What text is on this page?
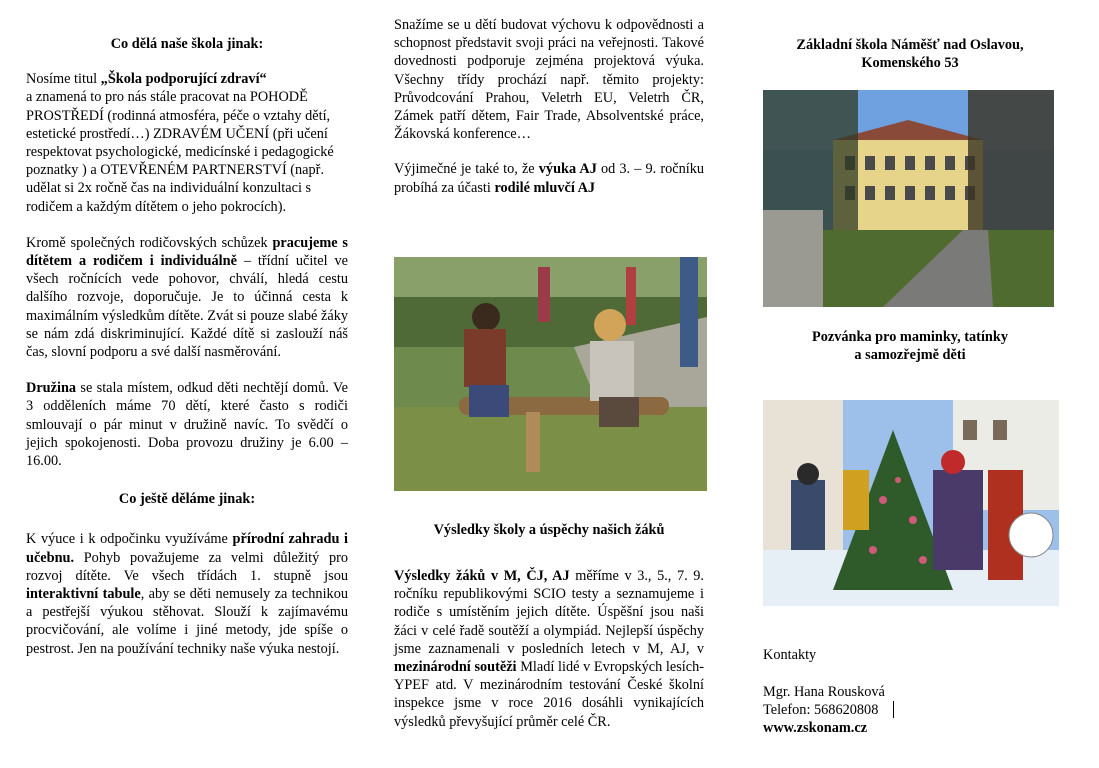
Co dělá naše škola jinak:

Nosíme titul „Škola podporující zdraví“
a znamená to pro nás stále pracovat na POHODĚ PROSTŘEDÍ (rodinná atmosféra, péče o vztahy dětí, estetické prostředí…) ZDRAVÉM UČENÍ (při učení respektovat psychologické, medicínské i pedagogické poznatky ) a OTEVŘENÉM PARTNERSTVÍ (např. udělat si 2x ročně čas na individuální konzultaci s rodičem a každým dítětem o jeho pokrocích).

Kromě společných rodičovských schůzek pracujeme s dítětem a rodičem i individuálně – třídní učitel ve všech ročnících vede pohovor, chválí, hledá cestu dalšího rozvoje, doporučuje. Je to účinná cesta k maximálním výsledkům dítěte. Zvát si pouze slabé žáky se nám zdá diskriminující. Každé dítě si zaslouží náš čas, slovní podporu a své další nasměrování.

Družina se stala místem, odkud děti nechtějí domů. Ve 3 odděleních máme 70 dětí, které často s rodiči smlouvají o pár minut v družině navíc. To svědčí o jejich spokojenosti. Doba provozu družiny je 6.00 – 16.00.

Co ještě děláme jinak:

K výuce i k odpočinku využíváme přírodní zahradu i učebnu. Pohyb považujeme za velmi důležitý pro rozvoj dítěte. Ve všech třídách 1. stupně jsou interaktivní tabule, aby se děti nemusely za technikou a pestřejší výukou stěhovat. Slouží k zajímavému procvičování, ale volíme i jiné metody, jde spíše o pestrost. Jen na používání techniky naše výuka nestojí.

Snažíme se u dětí budovat výchovu k odpovědnosti a schopnost představit svoji práci na veřejnosti. Takové dovednosti podporuje zejména projektová výuka. Všechny třídy prochází např. těmito projekty: Průvodcování Prahou, Veletrh EU, Veletrh ČR, Zámek patří dětem, Fair Trade, Absolventské práce, Žákovská konference…

Výjimečné je také to, že výuka AJ od 3. – 9. ročníku probíhá za účasti rodilé mluvčí AJ

Výsledky školy a úspěchy našich žáků

Výsledky žáků v M, ČJ, AJ měříme v 3., 5., 7. 9. ročníku republikovými SCIO testy a seznamujeme i rodiče s umístěním jejich dítěte. Úspěšní jsou naši žáci v celé řadě soutěží a olympiád. Nejlepší úspěchy jsme zaznamenali v posledních letech v M, AJ, v mezinárodní soutěži Mladí lidé v Evropských lesích-YPEF atd. V mezinárodním testování České školní inspekce jsme v roce 2016 dosáhli vynikajících výsledků převyšující průměr celé ČR.

Základní škola Náměšť nad Oslavou,

Komenského 53

Pozvánka pro maminky, tatínky

a samozřejmě děti

Kontakty

Mgr. Hana Rousková

Telefon: 568620808

www.zskonam.cz
